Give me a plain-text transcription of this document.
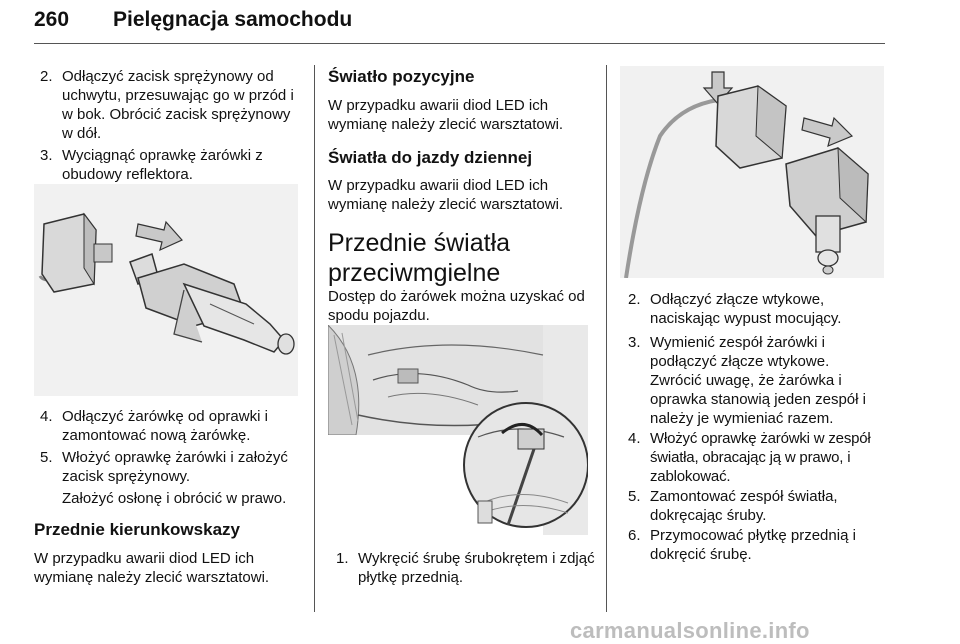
260 Pielęgnacja samochodu
2. Odłączyć zacisk sprężynowy od uchwytu, przesuwając go w przód i w bok. Obrócić zacisk sprężynowy w dół.
3. Wyciągnąć oprawkę żarówki z obudowy reflektora.
4. Odłączyć żarówkę od oprawki i zamontować nową żarówkę.
5. Włożyć oprawkę żarówki i założyć zacisk sprężynowy.
Założyć osłonę i obrócić w prawo.
Przednie kierunkowskazy
W przypadku awarii diod LED ich wymianę należy zlecić warsztatowi.
Światło pozycyjne
W przypadku awarii diod LED ich wymianę należy zlecić warsztatowi.
Światła do jazdy dziennej
W przypadku awarii diod LED ich wymianę należy zlecić warsztatowi.
Przednie światła przeciwmgielne
Dostęp do żarówek można uzyskać od spodu pojazdu.
1. Wykręcić śrubę śrubokrętem i zdjąć płytkę przednią.
2. Odłączyć złącze wtykowe, naciskając wypust mocujący.
3. Wymienić zespół żarówki i podłączyć złącze wtykowe. Zwrócić uwagę, że żarówka i oprawka stanowią jeden zespół i należy je wymieniać razem.
4. Włożyć oprawkę żarówki w zespół światła, obracając ją w prawo, i zablokować.
5. Zamontować zespół światła, dokręcając śruby.
6. Przymocować płytkę przednią i dokręcić śrubę.
carmanualsonline.info
